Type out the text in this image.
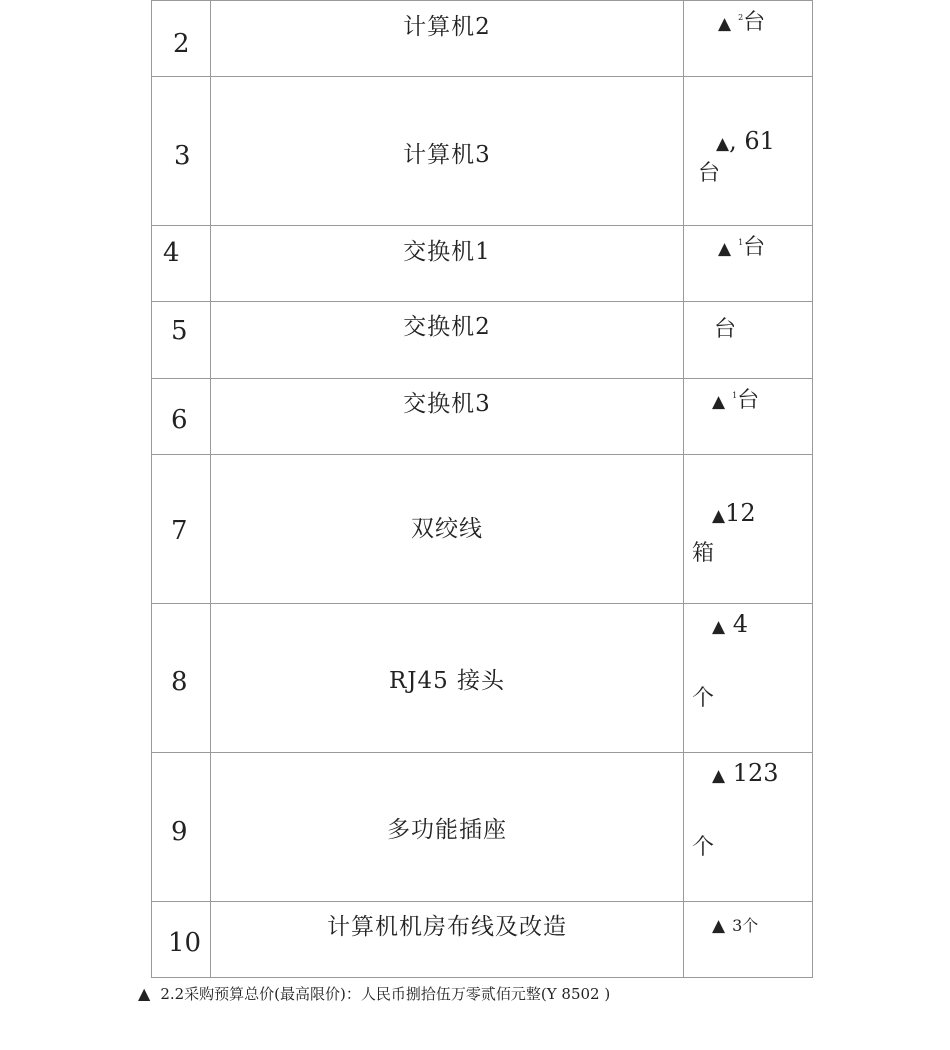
2	计算机2	▲ $^2$台

3	计算机3	▲, 61
台

4	交换机1	▲ $^1$台

5	交换机2	台

6	交换机3	▲ $^1$台

7	双绞线	▲12
箱

8	RJ45 接头	▲ 4
个

9	多功能插座	▲ 123
个

10	计算机机房布线及改造	▲ 3个
▲ 2.2采购预算总价(最高限价)：人民币捌拾伍万零贰佰元整(Y 8502 )
